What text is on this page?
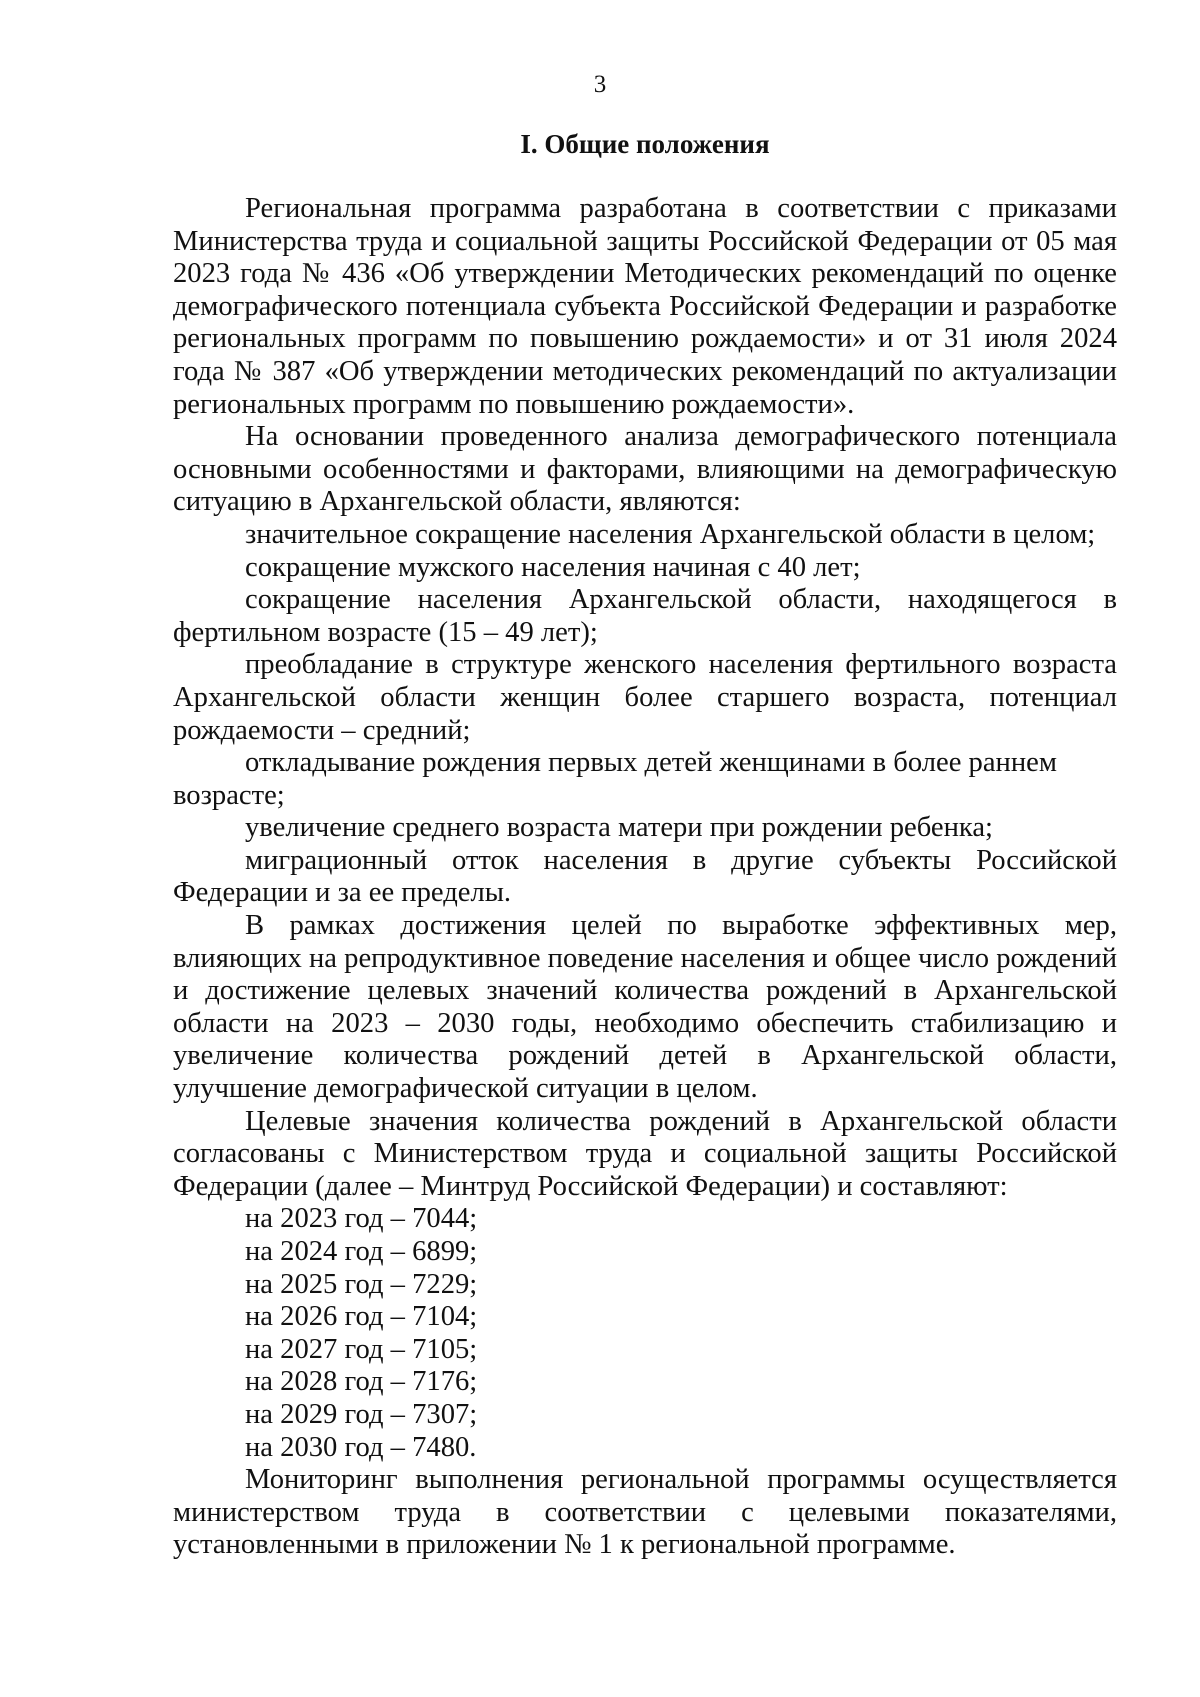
3
I. Общие положения

Региональная программа разработана в соответствии с приказами Министерства труда и социальной защиты Российской Федерации от 05 мая 2023 года № 436 «Об утверждении Методических рекомендаций по оценке демографического потенциала субъекта Российской Федерации и разработке региональных программ по повышению рождаемости» и от 31 июля 2024 года № 387 «Об утверждении методических рекомендаций по актуализации региональных программ по повышению рождаемости».

На основании проведенного анализа демографического потенциала основными особенностями и факторами, влияющими на демографическую ситуацию в Архангельской области, являются:

значительное сокращение населения Архангельской области в целом;
сокращение мужского населения начиная с 40 лет;
сокращение населения Архангельской области, находящегося в фертильном возрасте (15 – 49 лет);
преобладание в структуре женского населения фертильного возраста Архангельской области женщин более старшего возраста, потенциал рождаемости – средний;
откладывание рождения первых детей женщинами в более раннем возрасте;
увеличение среднего возраста матери при рождении ребенка;
миграционный отток населения в другие субъекты Российской Федерации и за ее пределы.

В рамках достижения целей по выработке эффективных мер, влияющих на репродуктивное поведение населения и общее число рождений и достижение целевых значений количества рождений в Архангельской области на 2023 – 2030 годы, необходимо обеспечить стабилизацию и увеличение количества рождений детей в Архангельской области, улучшение демографической ситуации в целом.

Целевые значения количества рождений в Архангельской области согласованы с Министерством труда и социальной защиты Российской Федерации (далее – Минтруд Российской Федерации) и составляют:

на 2023 год – 7044;
на 2024 год – 6899;
на 2025 год – 7229;
на 2026 год – 7104;
на 2027 год – 7105;
на 2028 год – 7176;
на 2029 год – 7307;
на 2030 год – 7480.

Мониторинг выполнения региональной программы осуществляется министерством труда в соответствии с целевыми показателями, установленными в приложении № 1 к региональной программе.
